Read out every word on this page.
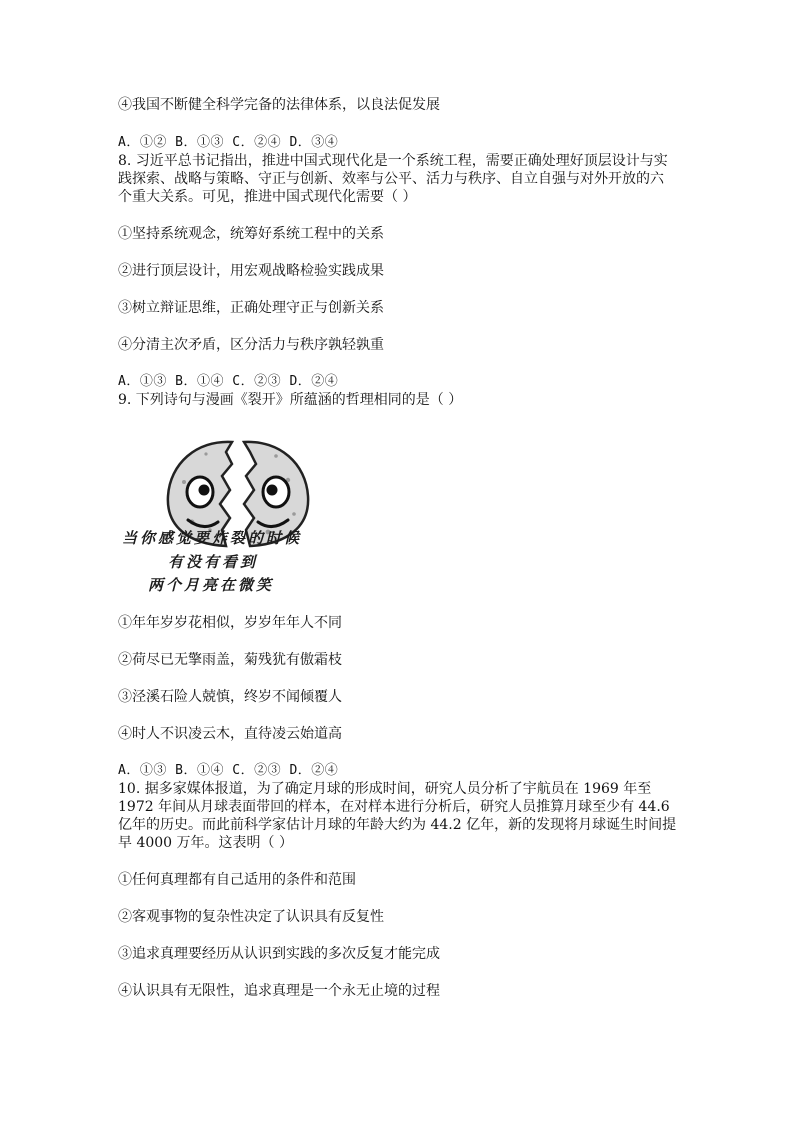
④我国不断健全科学完备的法律体系，以良法促发展
A．①② B．①③ C．②④ D．③④
8. 习近平总书记指出，推进中国式现代化是一个系统工程，需要正确处理好顶层设计与实
践探索、战略与策略、守正与创新、效率与公平、活力与秩序、自立自强与对外开放的六
个重大关系。可见，推进中国式现代化需要（ ）
①坚持系统观念，统筹好系统工程中的关系
②进行顶层设计，用宏观战略检验实践成果
③树立辩证思维，正确处理守正与创新关系
④分清主次矛盾，区分活力与秩序孰轻孰重
A．①③ B．①④ C．②③ D．②④
9. 下列诗句与漫画《裂开》所蕴涵的哲理相同的是（ ）
当你感觉要炸裂的时候
有没有看到
两个月亮在微笑
①年年岁岁花相似，岁岁年年人不同
②荷尽已无擎雨盖，菊残犹有傲霜枝
③泾溪石险人兢慎，终岁不闻倾覆人
④时人不识凌云木，直待凌云始道高
A．①③ B．①④ C．②③ D．②④
10. 据多家媒体报道，为了确定月球的形成时间，研究人员分析了宇航员在 1969 年至
1972 年间从月球表面带回的样本，在对样本进行分析后，研究人员推算月球至少有 44.6
亿年的历史。而此前科学家估计月球的年龄大约为 44.2 亿年，新的发现将月球诞生时间提
早 4000 万年。这表明（ ）
①任何真理都有自己适用的条件和范围
②客观事物的复杂性决定了认识具有反复性
③追求真理要经历从认识到实践的多次反复才能完成
④认识具有无限性，追求真理是一个永无止境的过程
